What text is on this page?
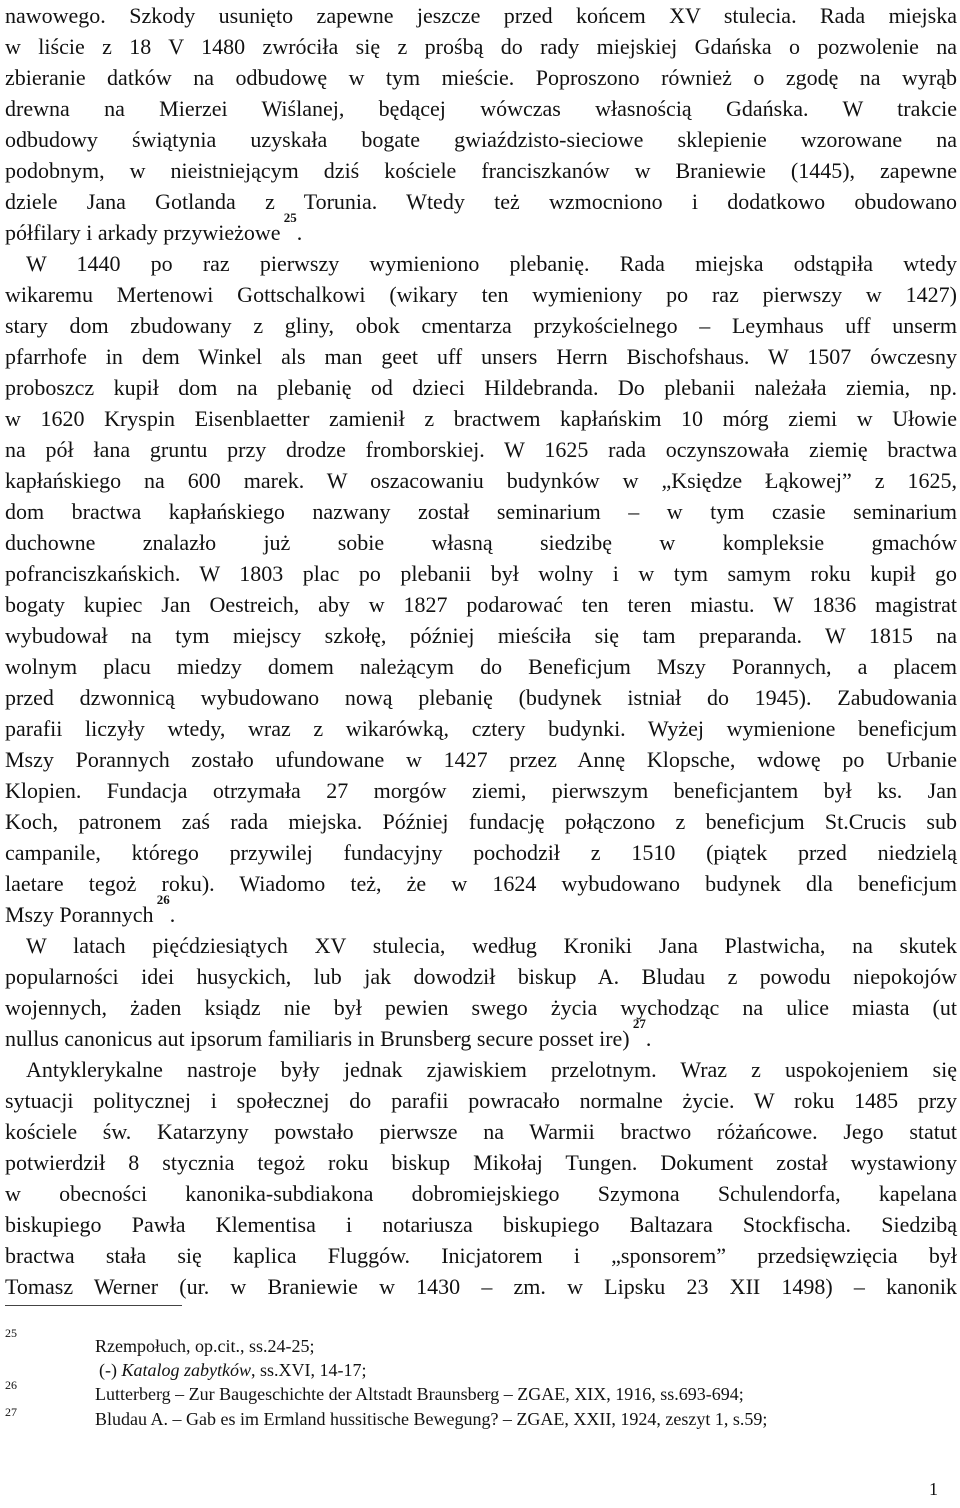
nawowego. Szkody usunięto zapewne jeszcze przed końcem XV stulecia. Rada miejska
w liście z 18 V 1480 zwróciła się z prośbą do rady miejskiej Gdańska o pozwolenie na
zbieranie datków na odbudowę w tym mieście. Poproszono również o zgodę na wyrąb
drewna na Mierzei Wiślanej, będącej wówczas własnością Gdańska. W trakcie
odbudowy świątynia uzyskała bogate gwiaździsto-sieciowe sklepienie wzorowane na
podobnym, w nieistniejącym dziś kościele franciszkanów w Braniewie (1445), zapewne
dziele Jana Gotlanda z Torunia. Wtedy też wzmocniono i dodatkowo obudowano
półfilary i arkady przywieżowe $^{25}$.
W 1440 po raz pierwszy wymieniono plebanię. Rada miejska odstąpiła wtedy
wikaremu Mertenowi Gottschalkowi (wikary ten wymieniony po raz pierwszy w 1427)
stary dom zbudowany z gliny, obok cmentarza przykościelnego – Leymhaus uff unserm
pfarrhofe in dem Winkel als man geet uff unsers Herrn Bischofshaus. W 1507 ówczesny
proboszcz kupił dom na plebanię od dzieci Hildebranda. Do plebanii należała ziemia, np.
w 1620 Kryspin Eisenblaetter zamienił z bractwem kapłańskim 10 mórg ziemi w Ułowie
na pół łana gruntu przy drodze fromborskiej. W 1625 rada oczynszowała ziemię bractwa
kapłańskiego na 600 marek. W oszacowaniu budynków w „Księdze Łąkowej” z 1625,
dom bractwa kapłańskiego nazwany został seminarium – w tym czasie seminarium
duchowne znalazło już sobie własną siedzibę w kompleksie gmachów
pofranciszkańskich. W 1803 plac po plebanii był wolny i w tym samym roku kupił go
bogaty kupiec Jan Oestreich, aby w 1827 podarować ten teren miastu. W 1836 magistrat
wybudował na tym miejscy szkołę, później mieściła się tam preparanda. W 1815 na
wolnym placu miedzy domem należącym do Beneficjum Mszy Porannych, a placem
przed dzwonnicą wybudowano nową plebanię (budynek istniał do 1945). Zabudowania
parafii liczyły wtedy, wraz z wikarówką, cztery budynki. Wyżej wymienione beneficjum
Mszy Porannych zostało ufundowane w 1427 przez Annę Klopsche, wdowę po Urbanie
Klopien. Fundacja otrzymała 27 morgów ziemi, pierwszym beneficjantem był ks. Jan
Koch, patronem zaś rada miejska. Później fundację połączono z beneficjum St.Crucis sub
campanile, którego przywilej fundacyjny pochodził z 1510 (piątek przed niedzielą
laetare tegoż roku). Wiadomo też, że w 1624 wybudowano budynek dla beneficjum
Mszy Porannych $^{26}$.
W latach pięćdziesiątych XV stulecia, według Kroniki Jana Plastwicha, na skutek
popularności idei husyckich, lub jak dowodził biskup A. Bludau z powodu niepokojów
wojennych, żaden ksiądz nie był pewien swego życia wychodząc na ulice miasta (ut
nullus canonicus aut ipsorum familiaris in Brunsberg secure posset ire) $^{27}$.
Antyklerykalne nastroje były jednak zjawiskiem przelotnym. Wraz z uspokojeniem się
sytuacji politycznej i społecznej do parafii powracało normalne życie. W roku 1485 przy
kościele św. Katarzyny powstało pierwsze na Warmii bractwo różańcowe. Jego statut
potwierdził 8 stycznia tegoż roku biskup Mikołaj Tungen. Dokument został wystawiony
w obecności kanonika-subdiakona dobromiejskiego Szymona Schulendorfa, kapelana
biskupiego Pawła Klementisa i notariusza biskupiego Baltazara Stockfischa. Siedzibą
bractwa stała się kaplica Fluggów. Inicjatorem i „sponsorem” przedsięwzięcia był
Tomasz Werner (ur. w Braniewie w 1430 – zm. w Lipsku 23 XII 1498) – kanonik
25
Rzempołuch, op.cit., ss.24-25;
(-) Katalog zabytków, ss.XVI, 14-17;
26	Lutterberg – Zur Baugeschichte der Altstadt Braunsberg – ZGAE, XIX, 1916, ss.693-694;
27	Bludau A. – Gab es im Ermland hussitische Bewegung? – ZGAE, XXII, 1924, zeszyt 1, s.59;
1
